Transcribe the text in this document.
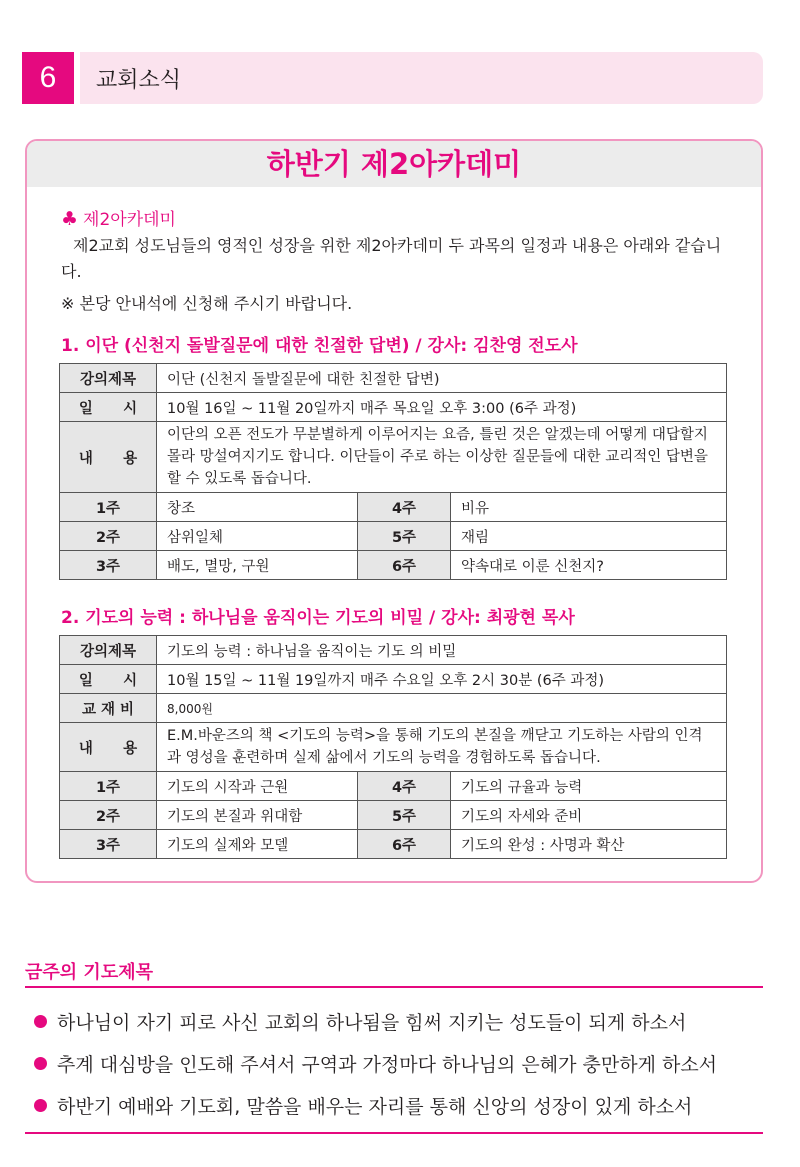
6	교회소식
하반기 제2아카데미
♣ 제2아카데미
제2교회 성도님들의 영적인 성장을 위한 제2아카데미 두 과목의 일정과 내용은 아래와 같습니다.
※ 본당 안내석에 신청해 주시기 바랍니다.
1. 이단 (신천지 돌발질문에 대한 친절한 답변) / 강사: 김찬영 전도사
강의제목	이단 (신천지 돌발질문에 대한 친절한 답변)		
일      시	10월 16일 ~ 11월 20일까지 매주 목요일 오후 3:00 (6주 과정)		
내      용	이단의 오픈 전도가 무분별하게 이루어지는 요즘, 틀린 것은 알겠는데 어떻게 대답할지 몰라 망설여지기도 합니다. 이단들이 주로 하는 이상한 질문들에 대한 교리적인 답변을 할 수 있도록 돕습니다.		
1주	창조	4주	비유
2주	삼위일체	5주	재림
3주	배도, 멸망, 구원	6주	약속대로 이룬 신천지?
2. 기도의 능력 : 하나님을 움직이는 기도의 비밀 / 강사: 최광현 목사
강의제목	기도의 능력 : 하나님을 움직이는 기도 의 비밀		
일      시	10월 15일 ~ 11월 19일까지 매주 수요일 오후 2시 30분 (6주 과정)		
교 재 비	8,000원		
내      용	E.M.바운즈의 책 <기도의 능력>을 통해 기도의 본질을 깨닫고 기도하는 사람의 인격과 영성을 훈련하며 실제 삶에서 기도의 능력을 경험하도록 돕습니다.		
1주	기도의 시작과 근원	4주	기도의 규율과 능력
2주	기도의 본질과 위대함	5주	기도의 자세와 준비
3주	기도의 실제와 모델	6주	기도의 완성 : 사명과 확산
금주의 기도제목
하나님이 자기 피로 사신 교회의 하나됨을 힘써 지키는 성도들이 되게 하소서
추계 대심방을 인도해 주셔서 구역과 가정마다 하나님의 은혜가 충만하게 하소서
하반기 예배와 기도회, 말씀을 배우는 자리를 통해 신앙의 성장이 있게 하소서
